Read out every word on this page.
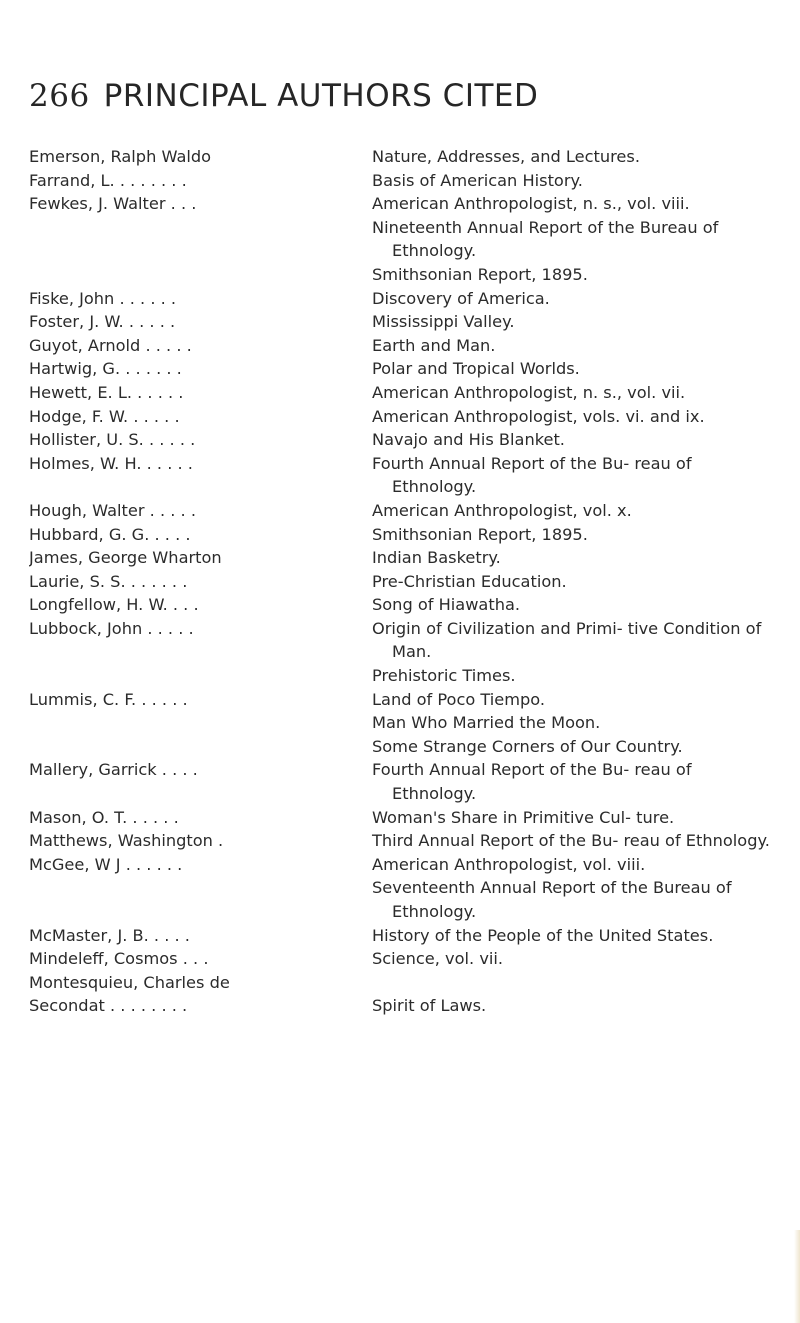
266 PRINCIPAL AUTHORS CITED
Emerson, Ralph Waldo	Nature, Addresses, and Lectures.
Farrand, L. . . . . . . .	Basis of American History.
Fewkes, J. Walter . . .	American Anthropologist, n. s., vol. viii.
Nineteenth Annual Report of the Bureau of Ethnology.
Smithsonian Report, 1895.
Fiske, John . . . . . .	Discovery of America.
Foster, J. W. . . . . .	Mississippi Valley.
Guyot, Arnold . . . . .	Earth and Man.
Hartwig, G. . . . . . .	Polar and Tropical Worlds.
Hewett, E. L. . . . . .	American Anthropologist, n. s., vol. vii.
Hodge, F. W. . . . . .	American Anthropologist, vols. vi. and ix.
Hollister, U. S. . . . . .	Navajo and His Blanket.
Holmes, W. H. . . . . .	Fourth Annual Report of the Bu- reau of Ethnology.
Hough, Walter . . . . .	American Anthropologist, vol. x.
Hubbard, G. G. . . . .	Smithsonian Report, 1895.
James, George Wharton	Indian Basketry.
Laurie, S. S. . . . . . .	Pre-Christian Education.
Longfellow, H. W. . . .	Song of Hiawatha.
Lubbock, John . . . . .	Origin of Civilization and Primi- tive Condition of Man.
Prehistoric Times.
Lummis, C. F. . . . . .	Land of Poco Tiempo.
Man Who Married the Moon.
Some Strange Corners of Our Country.
Mallery, Garrick . . . .	Fourth Annual Report of the Bu- reau of Ethnology.
Mason, O. T. . . . . .	Woman's Share in Primitive Cul- ture.
Matthews, Washington .	Third Annual Report of the Bu- reau of Ethnology.
McGee, W J . . . . . .	American Anthropologist, vol. viii.
Seventeenth Annual Report of the Bureau of Ethnology.
McMaster, J. B. . . . .	History of the People of the United States.
Mindeleff, Cosmos . . .	Science, vol. vii.
Montesquieu, Charles de
Secondat . . . . . . . .	Spirit of Laws.
